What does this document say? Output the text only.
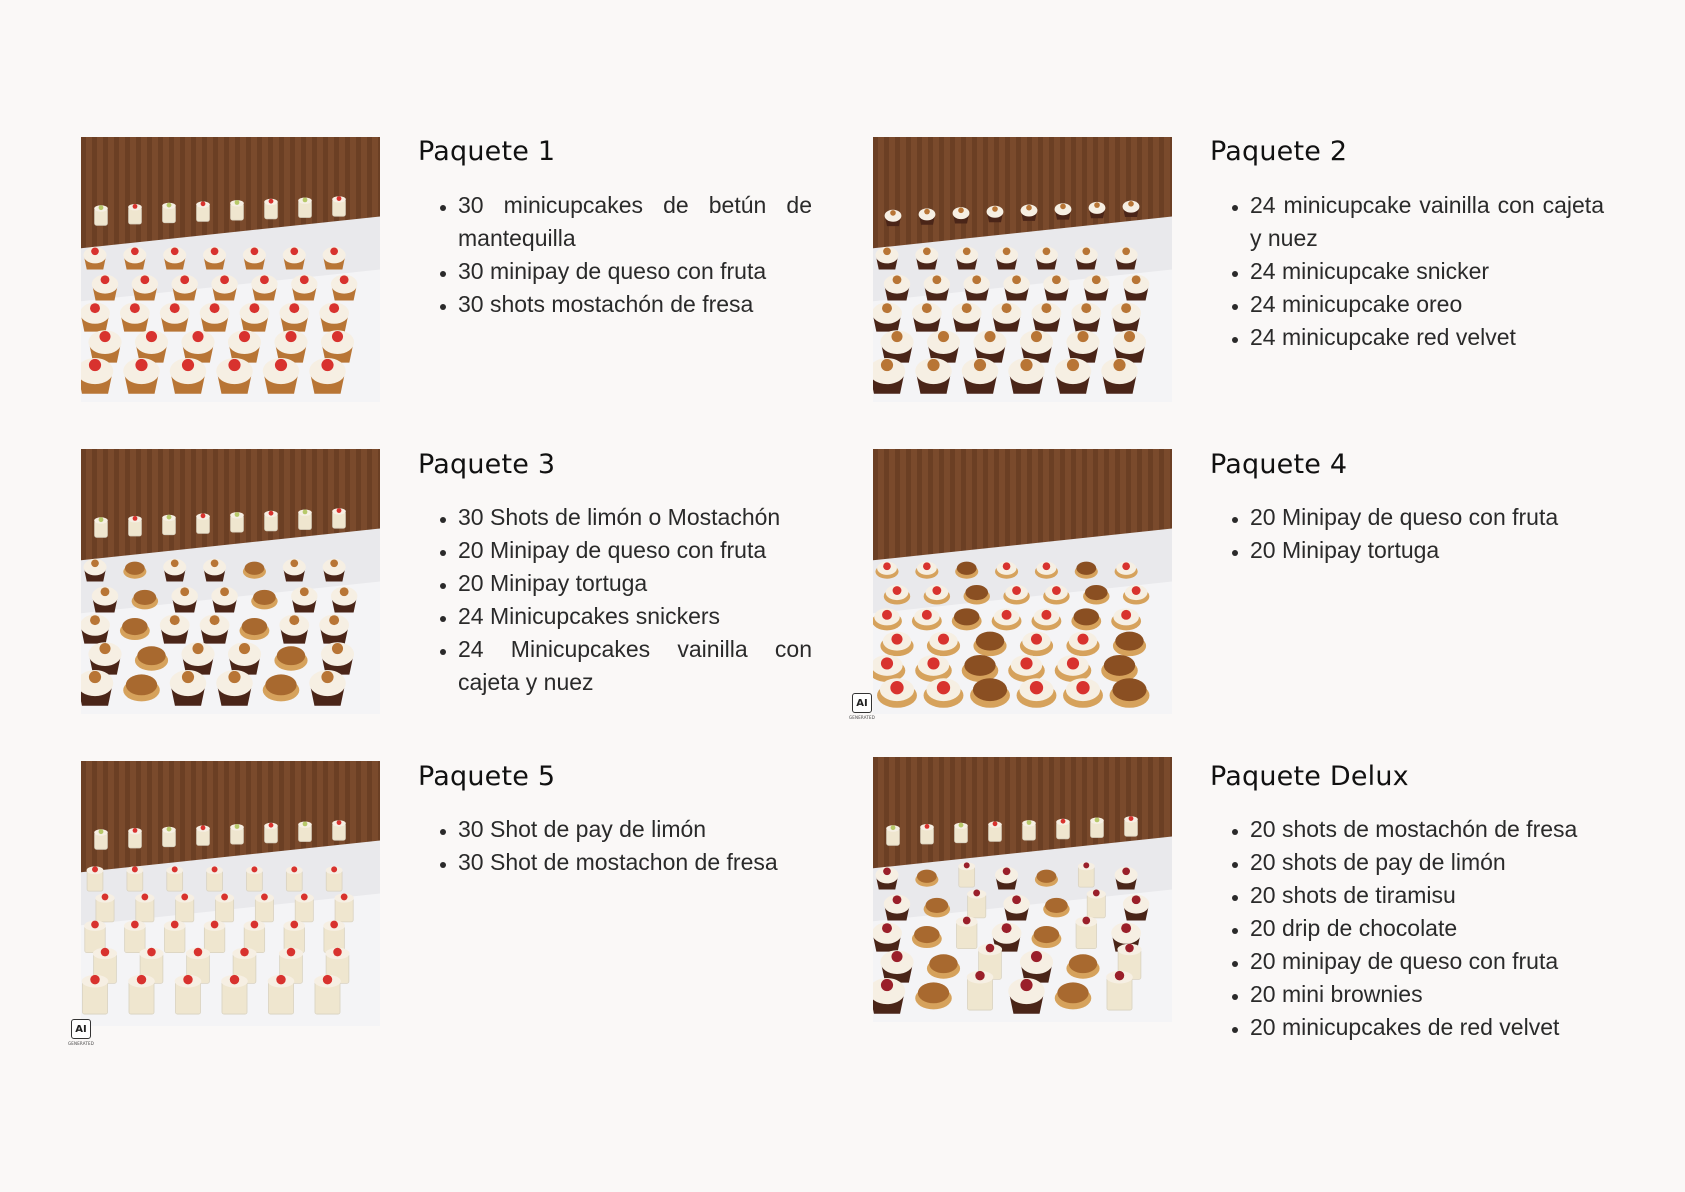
Paquete 1
• 30 minicupcakes de betún de mantequilla
• 30 minipay de queso con fruta
• 30 shots mostachón de fresa
Paquete 2
• 24 minicupcake vainilla con cajeta y nuez
• 24 minicupcake snicker
• 24 minicupcake oreo
• 24 minicupcake red velvet
Paquete 3
• 30 Shots de limón o Mostachón
• 20 Minipay de queso con fruta
• 20 Minipay tortuga
• 24 Minicupcakes snickers
• 24 Minicupcakes vainilla con cajeta y nuez
Paquete 4
• 20 Minipay de queso con fruta
• 20 Minipay tortuga
Paquete 5
• 30 Shot de pay de limón
• 30 Shot de mostachon de fresa
Paquete Delux
• 20 shots de mostachón de fresa
• 20 shots de pay de limón
• 20 shots de tiramisu
• 20 drip de chocolate
• 20 minipay de queso con fruta
• 20 mini brownies
• 20 minicupcakes de red velvet
AI
GENERATED
AI
GENERATED
